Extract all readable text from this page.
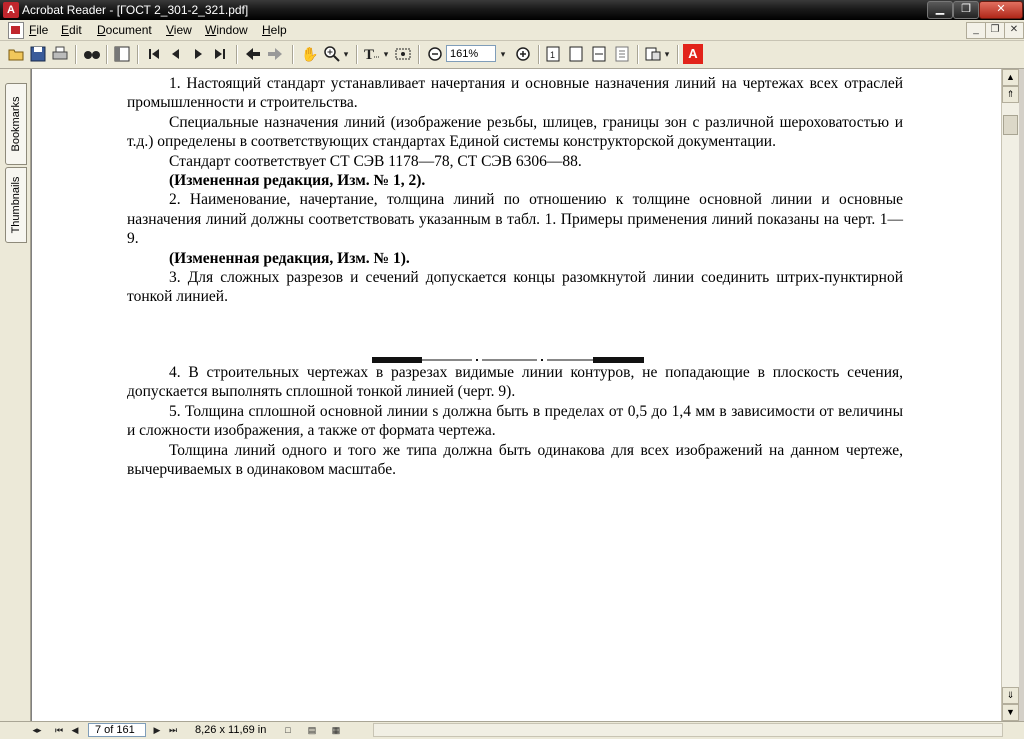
A Acrobat Reader - [ГОСТ 2_301-2_321.pdf]	▁	❐	✕
File Edit Document View Window Help	_	❐	✕
✋	▾ T	▾	161%	▾	1	▾	A
Bookmarks
Thumbnails

1. Настоящий стандарт устанавливает начертания и основные назначения линий на чертежах всех отраслей промышленности и строительства.

Специальные назначения линий (изображение резьбы, шлицев, границы зон с различной шероховатостью и т.д.) определены в соответствующих стандартах Единой системы конструкторской документации.

Стандарт соответствует СТ СЭВ 1178—78, СТ СЭВ 6306—88.

(Измененная редакция, Изм. № 1, 2).

2. Наименование, начертание, толщина линий по отношению к толщине основной линии и основные назначения линий должны соответствовать указанным в табл. 1. Примеры применения линий показаны на черт. 1—9.

(Измененная редакция, Изм. № 1).

3. Для сложных разрезов и сечений допускается концы разомкнутой линии соединить штрих-пунктирной тонкой линией.

4. В строительных чертежах в разрезах видимые линии контуров, не попадающие в плоскость сечения, допускается выполнять сплошной тонкой линией (черт. 9).

5. Толщина сплошной основной линии s должна быть в пределах от 0,5 до 1,4 мм в зависимости от величины и сложности изображения, а также от формата чертежа.

Толщина линий одного и того же типа должна быть одинакова для всех изображений на данном чертеже, вычерчиваемых в одинаковом масштабе.

▲
⇑
⇓
▼
◂▸	⏮ ◀	7 of 161	▶ ⏭ 8,26 x 11,69 in	□	▤	▦
